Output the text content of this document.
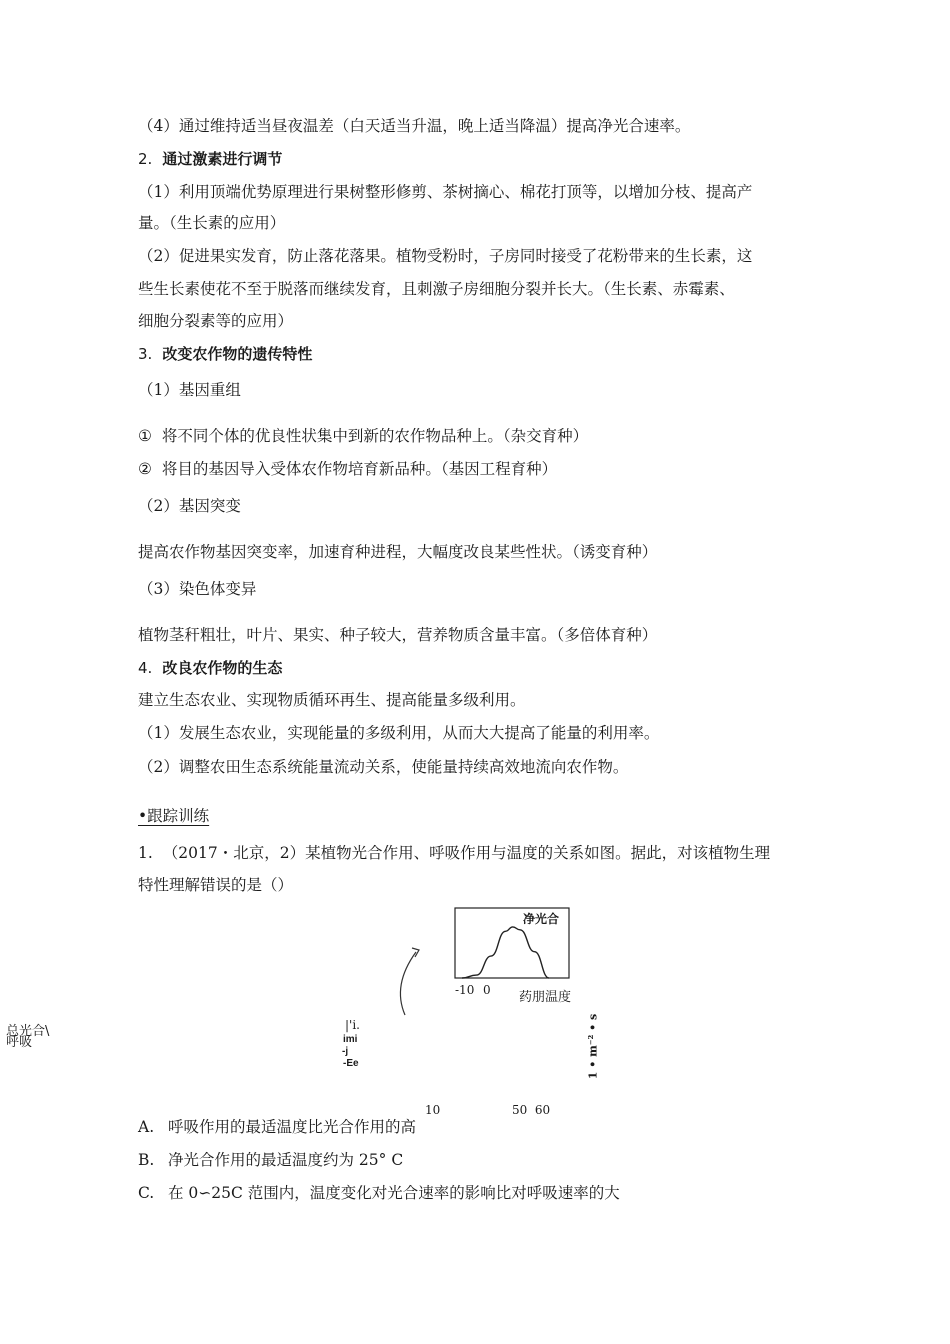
（4）通过维持适当昼夜温差（白天适当升温，晚上适当降温）提高净光合速率。
2. 通过激素进行调节
（1）利用顶端优势原理进行果树整形修剪、茶树摘心、棉花打顶等，以增加分枝、提高产
量。（生长素的应用）
（2）促进果实发育，防止落花落果。植物受粉时，子房同时接受了花粉带来的生长素，这
些生长素使花不至于脱落而继续发育，且刺激子房细胞分裂并长大。（生长素、赤霉素、
细胞分裂素等的应用）
3. 改变农作物的遗传特性
（1）基因重组
① 将不同个体的优良性状集中到新的农作物品种上。（杂交育种）
② 将目的基因导入受体农作物培育新品种。（基因工程育种）
（2）基因突变
提高农作物基因突变率，加速育种进程，大幅度改良某些性状。（诱变育种）
（3）染色体变异
植物茎秆粗壮，叶片、果实、种子较大，营养物质含量丰富。（多倍体育种）
4. 改良农作物的生态
建立生态农业、实现物质循环再生、提高能量多级利用。
（1）发展生态农业，实现能量的多级利用，从而大大提高了能量的利用率。
（2）调整农田生态系统能量流动关系，使能量持续高效地流向农作物。
•跟踪训练
1. （2017・北京，2）某植物光合作用、呼吸作用与温度的关系如图。据此，对该植物生理
特性理解错误的是（）
净光合
-10 0 药朋温度
总光合\
呼吸
|'i.
imi
-j
-Ee	1 • m⁻² • s
10	50  60
A. 呼吸作用的最适温度比光合作用的高
B. 净光合作用的最适温度约为 25° C
C. 在 0∽25C 范围内，温度变化对光合速率的影响比对呼吸速率的大
